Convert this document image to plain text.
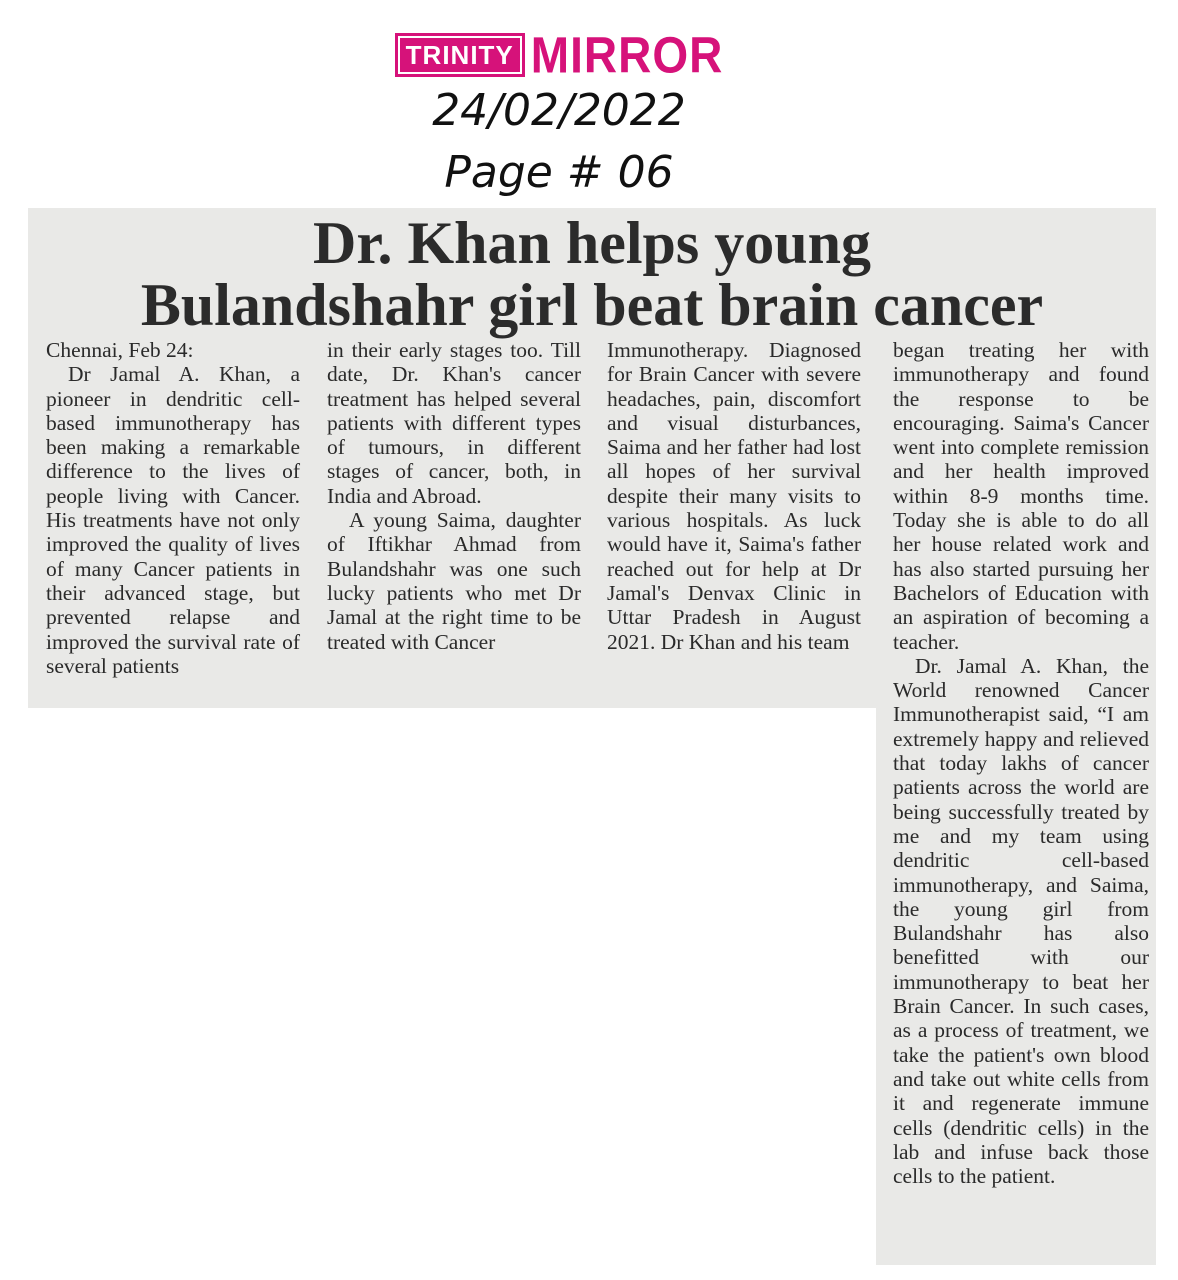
TRINITY MIRROR
24/02/2022
Page # 06
Dr. Khan helps young
Bulandshahr girl beat brain cancer

Chennai, Feb 24:

Dr Jamal A. Khan, a pioneer in dendritic cell-based immunotherapy has been making a remarkable difference to the lives of people living with Cancer. His treatments have not only improved the quality of lives of many Cancer patients in their advanced stage, but prevented relapse and improved the survival rate of several patients

in their early stages too. Till date, Dr. Khan's cancer treatment has helped several patients with different types of tumours, in different stages of cancer, both, in India and Abroad.

A young Saima, daughter of Iftikhar Ahmad from Bulandshahr was one such lucky patients who met Dr Jamal at the right time to be treated with Cancer

Immunotherapy. Diagnosed for Brain Cancer with severe headaches, pain, discomfort and visual disturbances, Saima and her father had lost all hopes of her survival despite their many visits to various hospitals. As luck would have it, Saima's father reached out for help at Dr Jamal's Denvax Clinic in Uttar Pradesh in August 2021. Dr Khan and his team

began treating her with immunotherapy and found the response to be encouraging. Saima's Cancer went into complete remission and her health improved within 8-9 months time. Today she is able to do all her house related work and has also started pursuing her Bachelors of Education with an aspiration of becoming a teacher.

Dr. Jamal A. Khan, the World renowned Cancer Immunotherapist said, “I am extremely happy and relieved that today lakhs of cancer patients across the world are being successfully treated by me and my team using dendritic cell-based immunotherapy, and Saima, the young girl from Bulandshahr has also benefitted with our immunotherapy to beat her Brain Cancer. In such cases, as a process of treatment, we take the patient's own blood and take out white cells from it and regenerate immune cells (dendritic cells) in the lab and infuse back those cells to the patient.
